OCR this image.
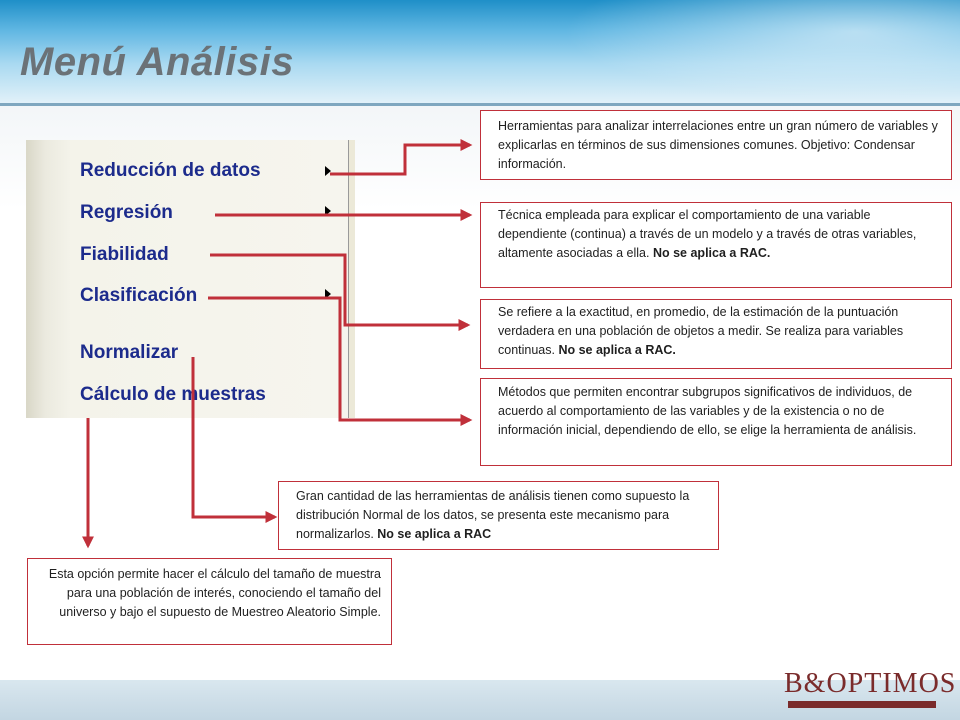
Menú Análisis
Reducción de datos
Regresión
Fiabilidad
Clasificación
Normalizar
Cálculo de muestras
Herramientas para analizar interrelaciones entre un gran número de variables y explicarlas en términos de sus dimensiones comunes. Objetivo: Condensar información.
Técnica empleada para explicar el comportamiento de una variable dependiente (continua) a través de un modelo y a través de otras variables, altamente asociadas a ella. No se aplica a RAC.
Se refiere a la exactitud, en promedio, de la estimación de la puntuación verdadera en una población de objetos a medir. Se realiza para variables continuas. No se aplica a RAC.
Métodos que permiten encontrar subgrupos significativos de individuos, de acuerdo al comportamiento de las variables y de la existencia o no de información inicial, dependiendo de ello, se elige la herramienta de análisis.
Gran cantidad de las herramientas de análisis tienen como supuesto la distribución Normal de los datos, se presenta este mecanismo para normalizarlos. No se aplica a RAC
Esta opción permite hacer el cálculo del tamaño de muestra para una población de interés, conociendo el tamaño del universo y bajo el supuesto de Muestreo Aleatorio Simple.
B&OPTIMOS
